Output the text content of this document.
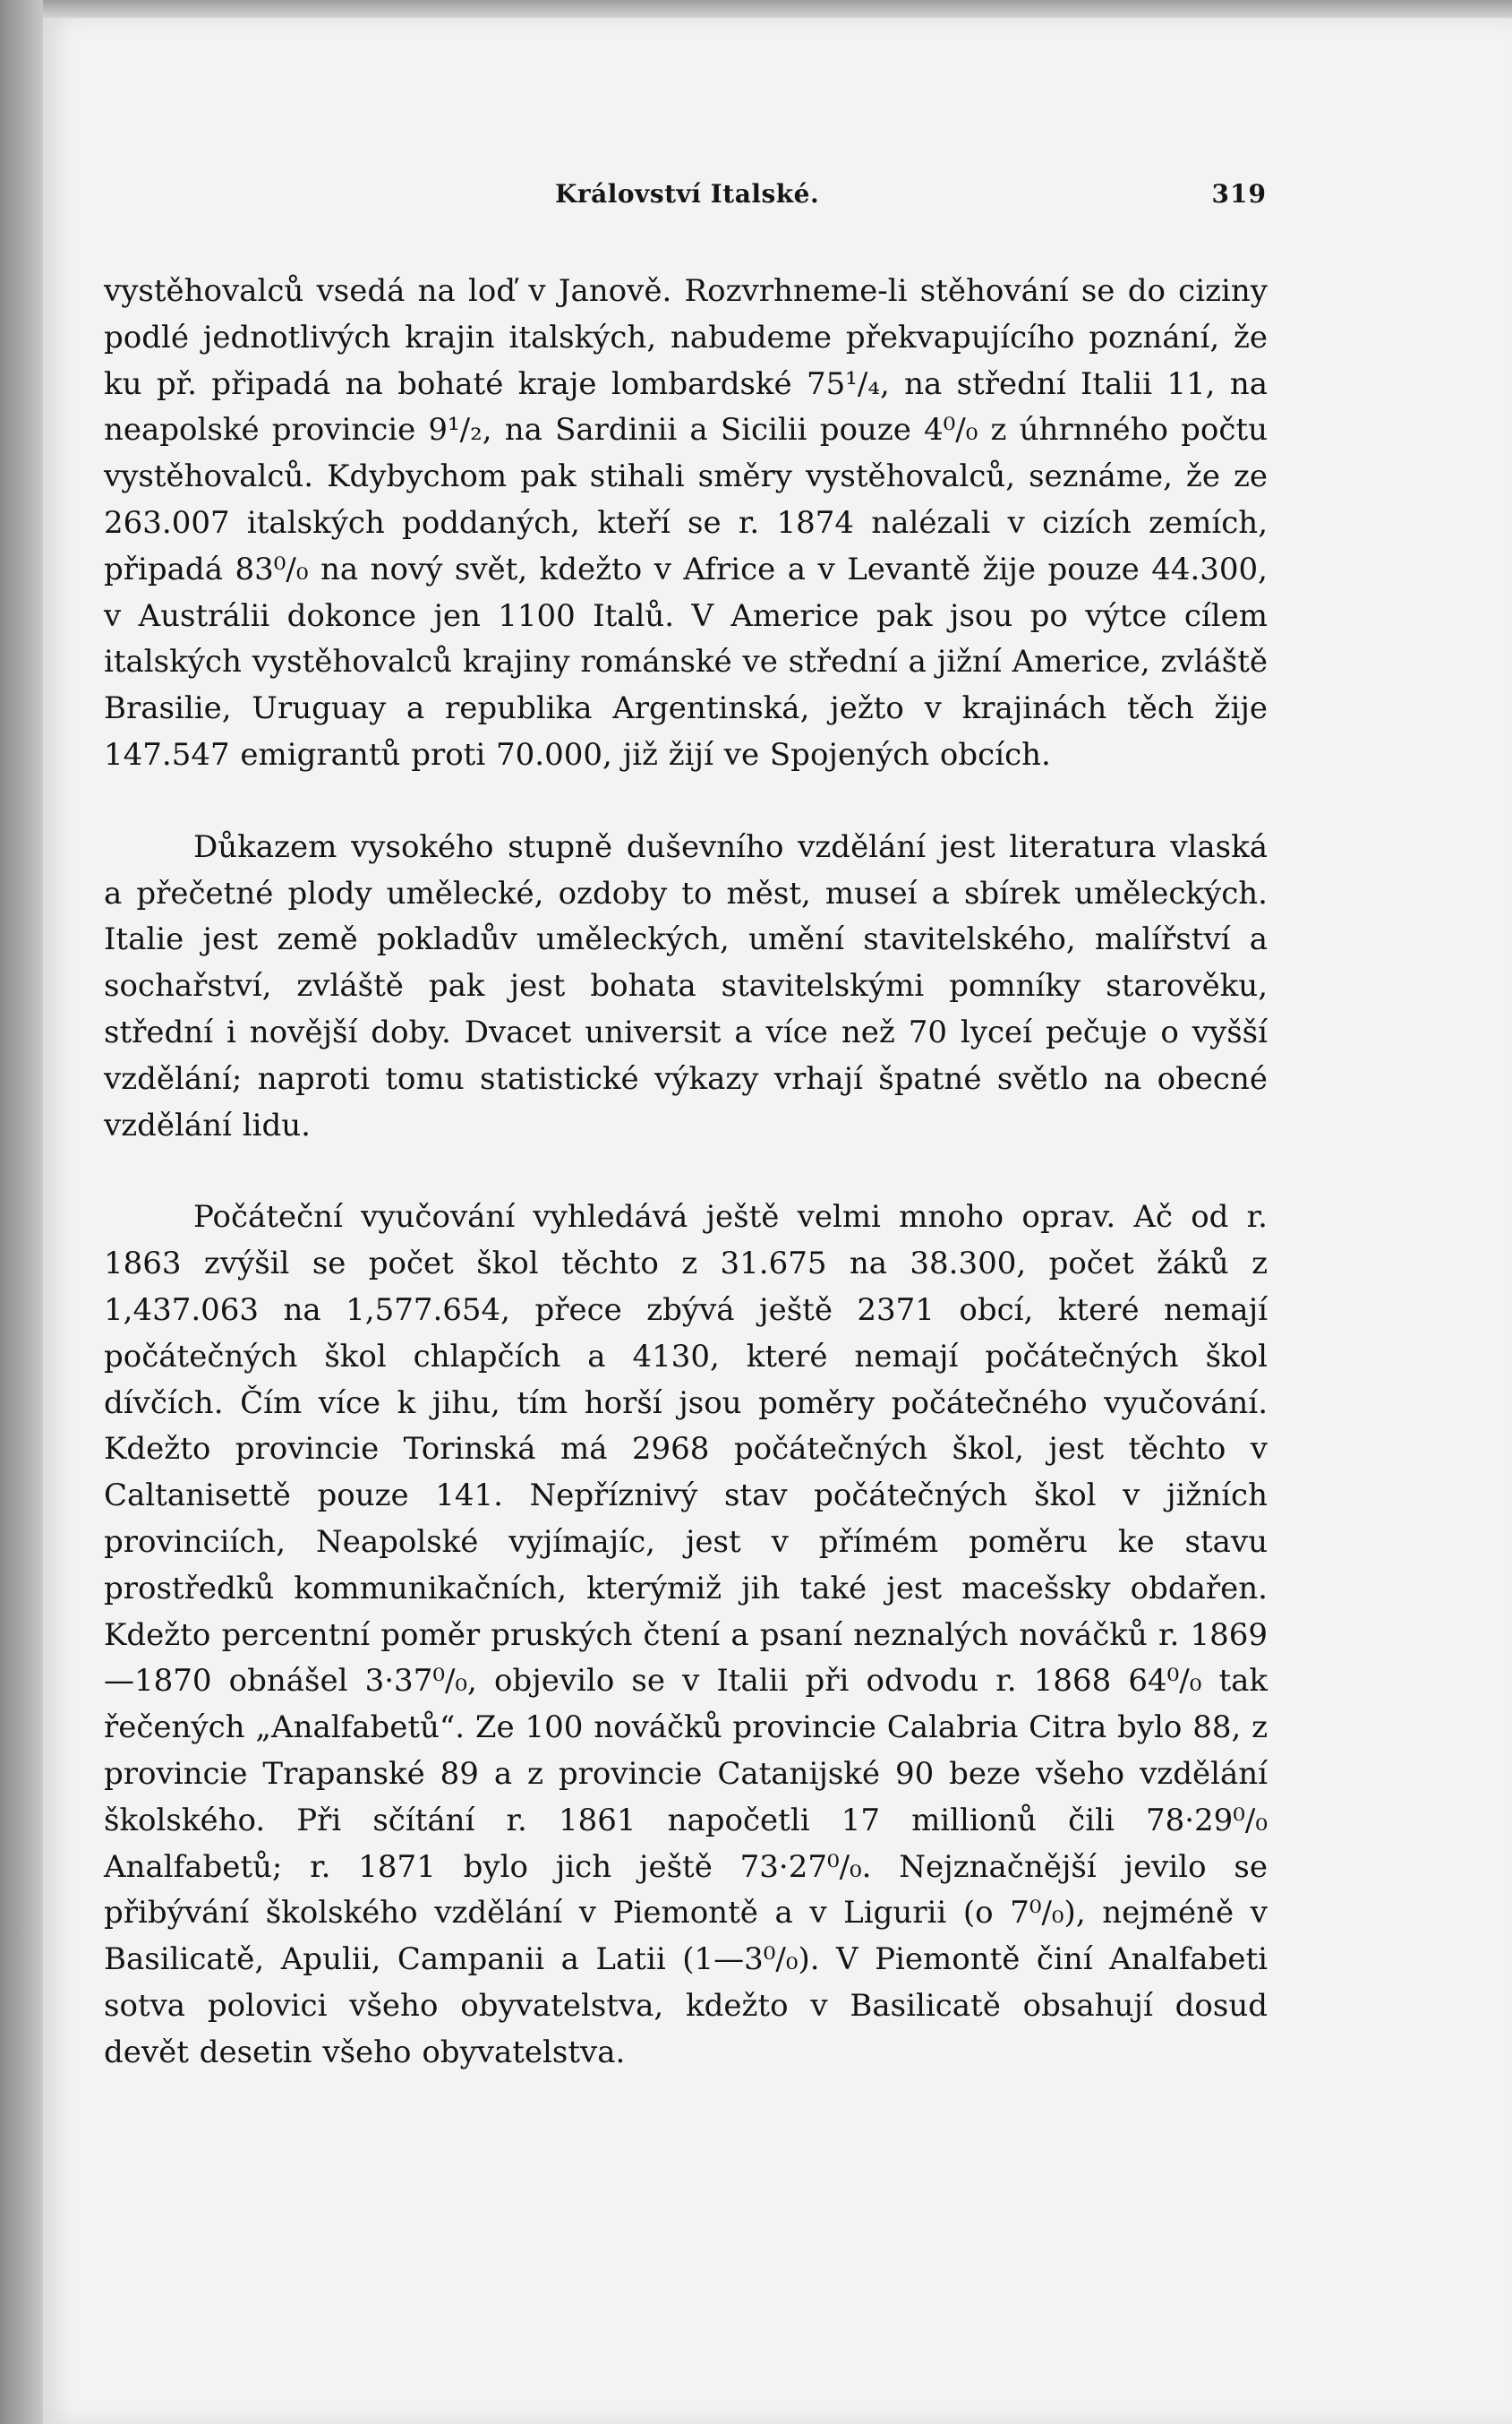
Království Italské.	319

vystěhovalců vsedá na loď v Janově. Rozvrhneme-li stěhování se do ciziny podlé jednotlivých krajin italských, nabudeme překvapujícího poznání, že ku př. připadá na bohaté kraje lombardské 75¹/₄, na střední Italii 11, na neapolské provincie 9¹/₂, na Sardinii a Sicilii pouze 4⁰/₀ z úhrnného počtu vystěhovalců. Kdybychom pak stihali směry vystěhovalců, seznáme, že ze 263.007 italských poddaných, kteří se r. 1874 nalézali v cizích zemích, připadá 83⁰/₀ na nový svět, kdežto v Africe a v Levantě žije pouze 44.300, v Austrálii dokonce jen 1100 Italů. V Americe pak jsou po výtce cílem italských vystěhovalců krajiny románské ve střední a jižní Americe, zvláště Brasilie, Uruguay a republika Argentinská, ježto v krajinách těch žije 147.547 emigrantů proti 70.000, již žijí ve Spojených obcích.

Důkazem vysokého stupně duševního vzdělání jest literatura vlaská a přečetné plody umělecké, ozdoby to měst, museí a sbírek uměleckých. Italie jest země pokladův uměleckých, umění stavitelského, malířství a sochařství, zvláště pak jest bohata stavitelskými pomníky starověku, střední i novější doby. Dvacet universit a více než 70 lyceí pečuje o vyšší vzdělání; naproti tomu statistické výkazy vrhají špatné světlo na obecné vzdělání lidu.

Počáteční vyučování vyhledává ještě velmi mnoho oprav. Ač od r. 1863 zvýšil se počet škol těchto z 31.675 na 38.300, počet žáků z 1,437.063 na 1,577.654, přece zbývá ještě 2371 obcí, které nemají počátečných škol chlapčích a 4130, které nemají počátečných škol dívčích. Čím více k jihu, tím horší jsou poměry počátečného vyučování. Kdežto provincie Torinská má 2968 počátečných škol, jest těchto v Caltanisettě pouze 141. Nepříznivý stav počátečných škol v jižních provinciích, Neapolské vyjímajíc, jest v přímém poměru ke stavu prostředků kommunikačních, kterýmiž jih také jest macešsky obdařen. Kdežto percentní poměr pruských čtení a psaní neznalých nováčků r. 1869—1870 obnášel 3·37⁰/₀, objevilo se v Italii při odvodu r. 1868 64⁰/₀ tak řečených „Analfabetů“. Ze 100 nováčků provincie Calabria Citra bylo 88, z provincie Trapanské 89 a z provincie Catanijské 90 beze všeho vzdělání školského. Při sčítání r. 1861 napočetli 17 millionů čili 78·29⁰/₀ Analfabetů; r. 1871 bylo jich ještě 73·27⁰/₀. Nejznačnější jevilo se přibývání školského vzdělání v Piemontě a v Ligurii (o 7⁰/₀), nejméně v Basilicatě, Apulii, Campanii a Latii (1—3⁰/₀). V Piemontě činí Analfabeti sotva polovici všeho obyvatelstva, kdežto v Basilicatě obsahují dosud devět desetin všeho obyvatelstva.
